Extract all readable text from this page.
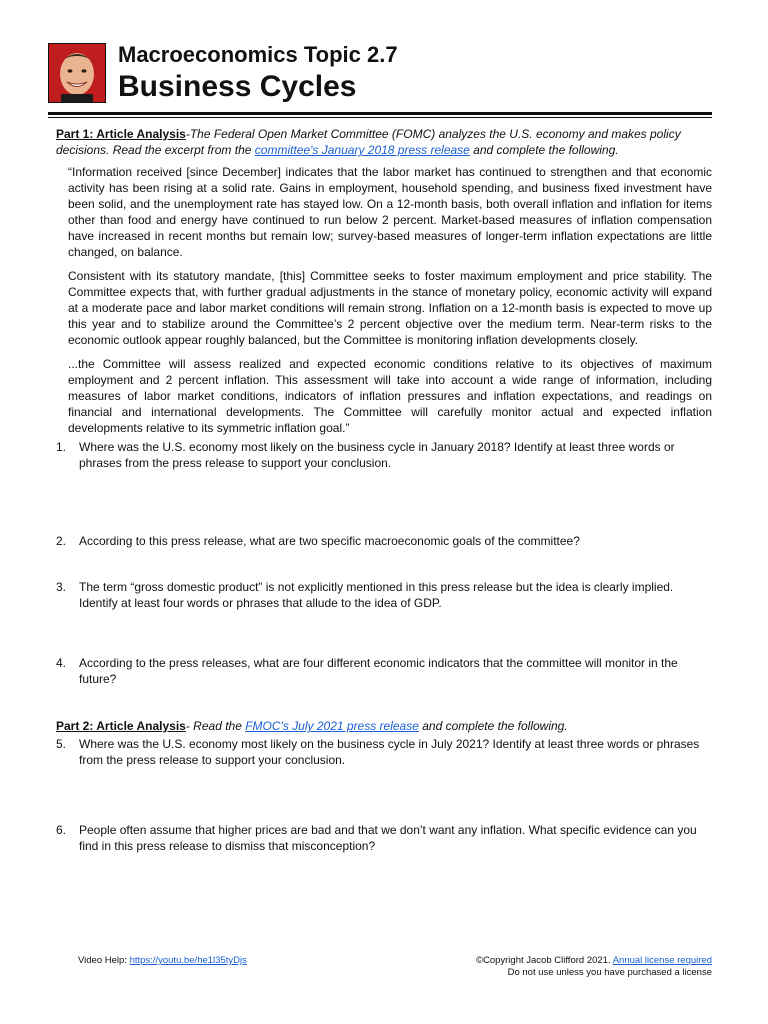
Macroeconomics Topic 2.7
Business Cycles

Part 1: Article Analysis-The Federal Open Market Committee (FOMC) analyzes the U.S. economy and makes policy decisions. Read the excerpt from the committee's January 2018 press release and complete the following.

“Information received [since December] indicates that the labor market has continued to strengthen and that economic activity has been rising at a solid rate. Gains in employment, household spending, and business fixed investment have been solid, and the unemployment rate has stayed low. On a 12-month basis, both overall inflation and inflation for items other than food and energy have continued to run below 2 percent. Market-based measures of inflation compensation have increased in recent months but remain low; survey-based measures of longer-term inflation expectations are little changed, on balance.

Consistent with its statutory mandate, [this] Committee seeks to foster maximum employment and price stability. The Committee expects that, with further gradual adjustments in the stance of monetary policy, economic activity will expand at a moderate pace and labor market conditions will remain strong. Inflation on a 12-month basis is expected to move up this year and to stabilize around the Committee’s 2 percent objective over the medium term. Near-term risks to the economic outlook appear roughly balanced, but the Committee is monitoring inflation developments closely.

...the Committee will assess realized and expected economic conditions relative to its objectives of maximum employment and 2 percent inflation. This assessment will take into account a wide range of information, including measures of labor market conditions, indicators of inflation pressures and inflation expectations, and readings on financial and international developments. The Committee will carefully monitor actual and expected inflation developments relative to its symmetric inflation goal.”

1. Where was the U.S. economy most likely on the business cycle in January 2018? Identify at least three words or phrases from the press release to support your conclusion.
2. According to this press release, what are two specific macroeconomic goals of the committee?
3. The term “gross domestic product” is not explicitly mentioned in this press release but the idea is clearly implied. Identify at least four words or phrases that allude to the idea of GDP.
4. According to the press releases, what are four different economic indicators that the committee will monitor in the future?

Part 2: Article Analysis- Read the FMOC's July 2021 press release and complete the following.

5. Where was the U.S. economy most likely on the business cycle in July 2021? Identify at least three words or phrases from the press release to support your conclusion.
6. People often assume that higher prices are bad and that we don’t want any inflation. What specific evidence can you find in this press release to dismiss that misconception?
Video Help: https://youtu.be/he1l35tyDjs	©Copyright Jacob Clifford 2021. Annual license required
Do not use unless you have purchased a license
